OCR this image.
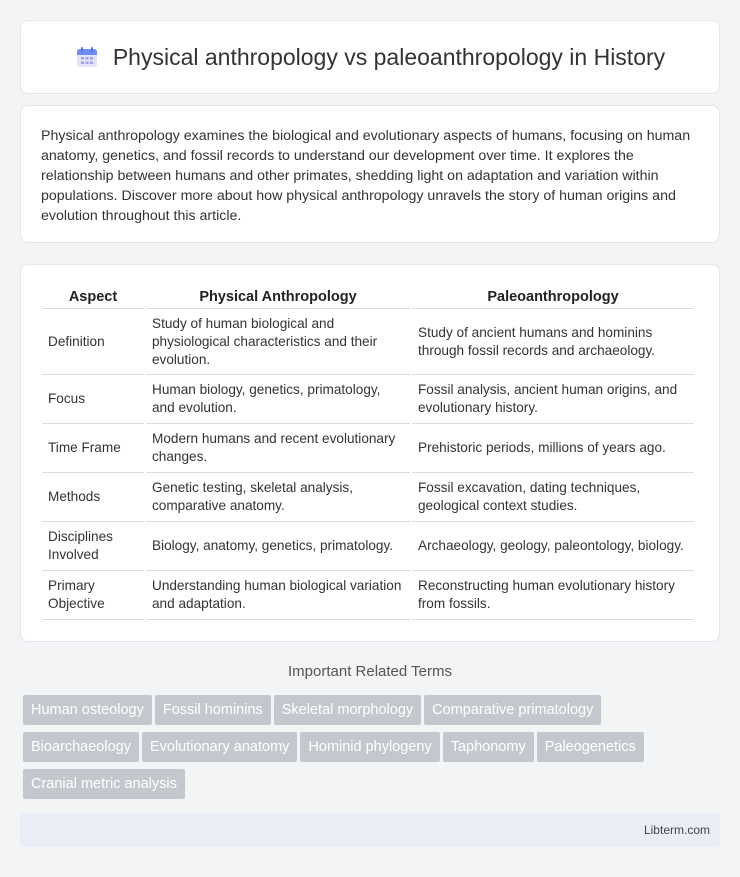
Physical anthropology vs paleoanthropology in History

Physical anthropology examines the biological and evolutionary aspects of humans, focusing on human anatomy, genetics, and fossil records to understand our development over time. It explores the relationship between humans and other primates, shedding light on adaptation and variation within populations. Discover more about how physical anthropology unravels the story of human origins and evolution throughout this article.

Aspect	Physical Anthropology	Paleoanthropology
Definition	Study of human biological and physiological characteristics and their evolution.	Study of ancient humans and hominins through fossil records and archaeology.
Focus	Human biology, genetics, primatology, and evolution.	Fossil analysis, ancient human origins, and evolutionary history.
Time Frame	Modern humans and recent evolutionary changes.	Prehistoric periods, millions of years ago.
Methods	Genetic testing, skeletal analysis, comparative anatomy.	Fossil excavation, dating techniques, geological context studies.
Disciplines Involved	Biology, anatomy, genetics, primatology.	Archaeology, geology, paleontology, biology.
Primary Objective	Understanding human biological variation and adaptation.	Reconstructing human evolutionary history from fossils.
Important Related Terms
Human osteology Fossil hominins Skeletal morphology Comparative primatology
Bioarchaeology Evolutionary anatomy Hominid phylogeny Taphonomy Paleogenetics
Cranial metric analysis
Libterm.com
